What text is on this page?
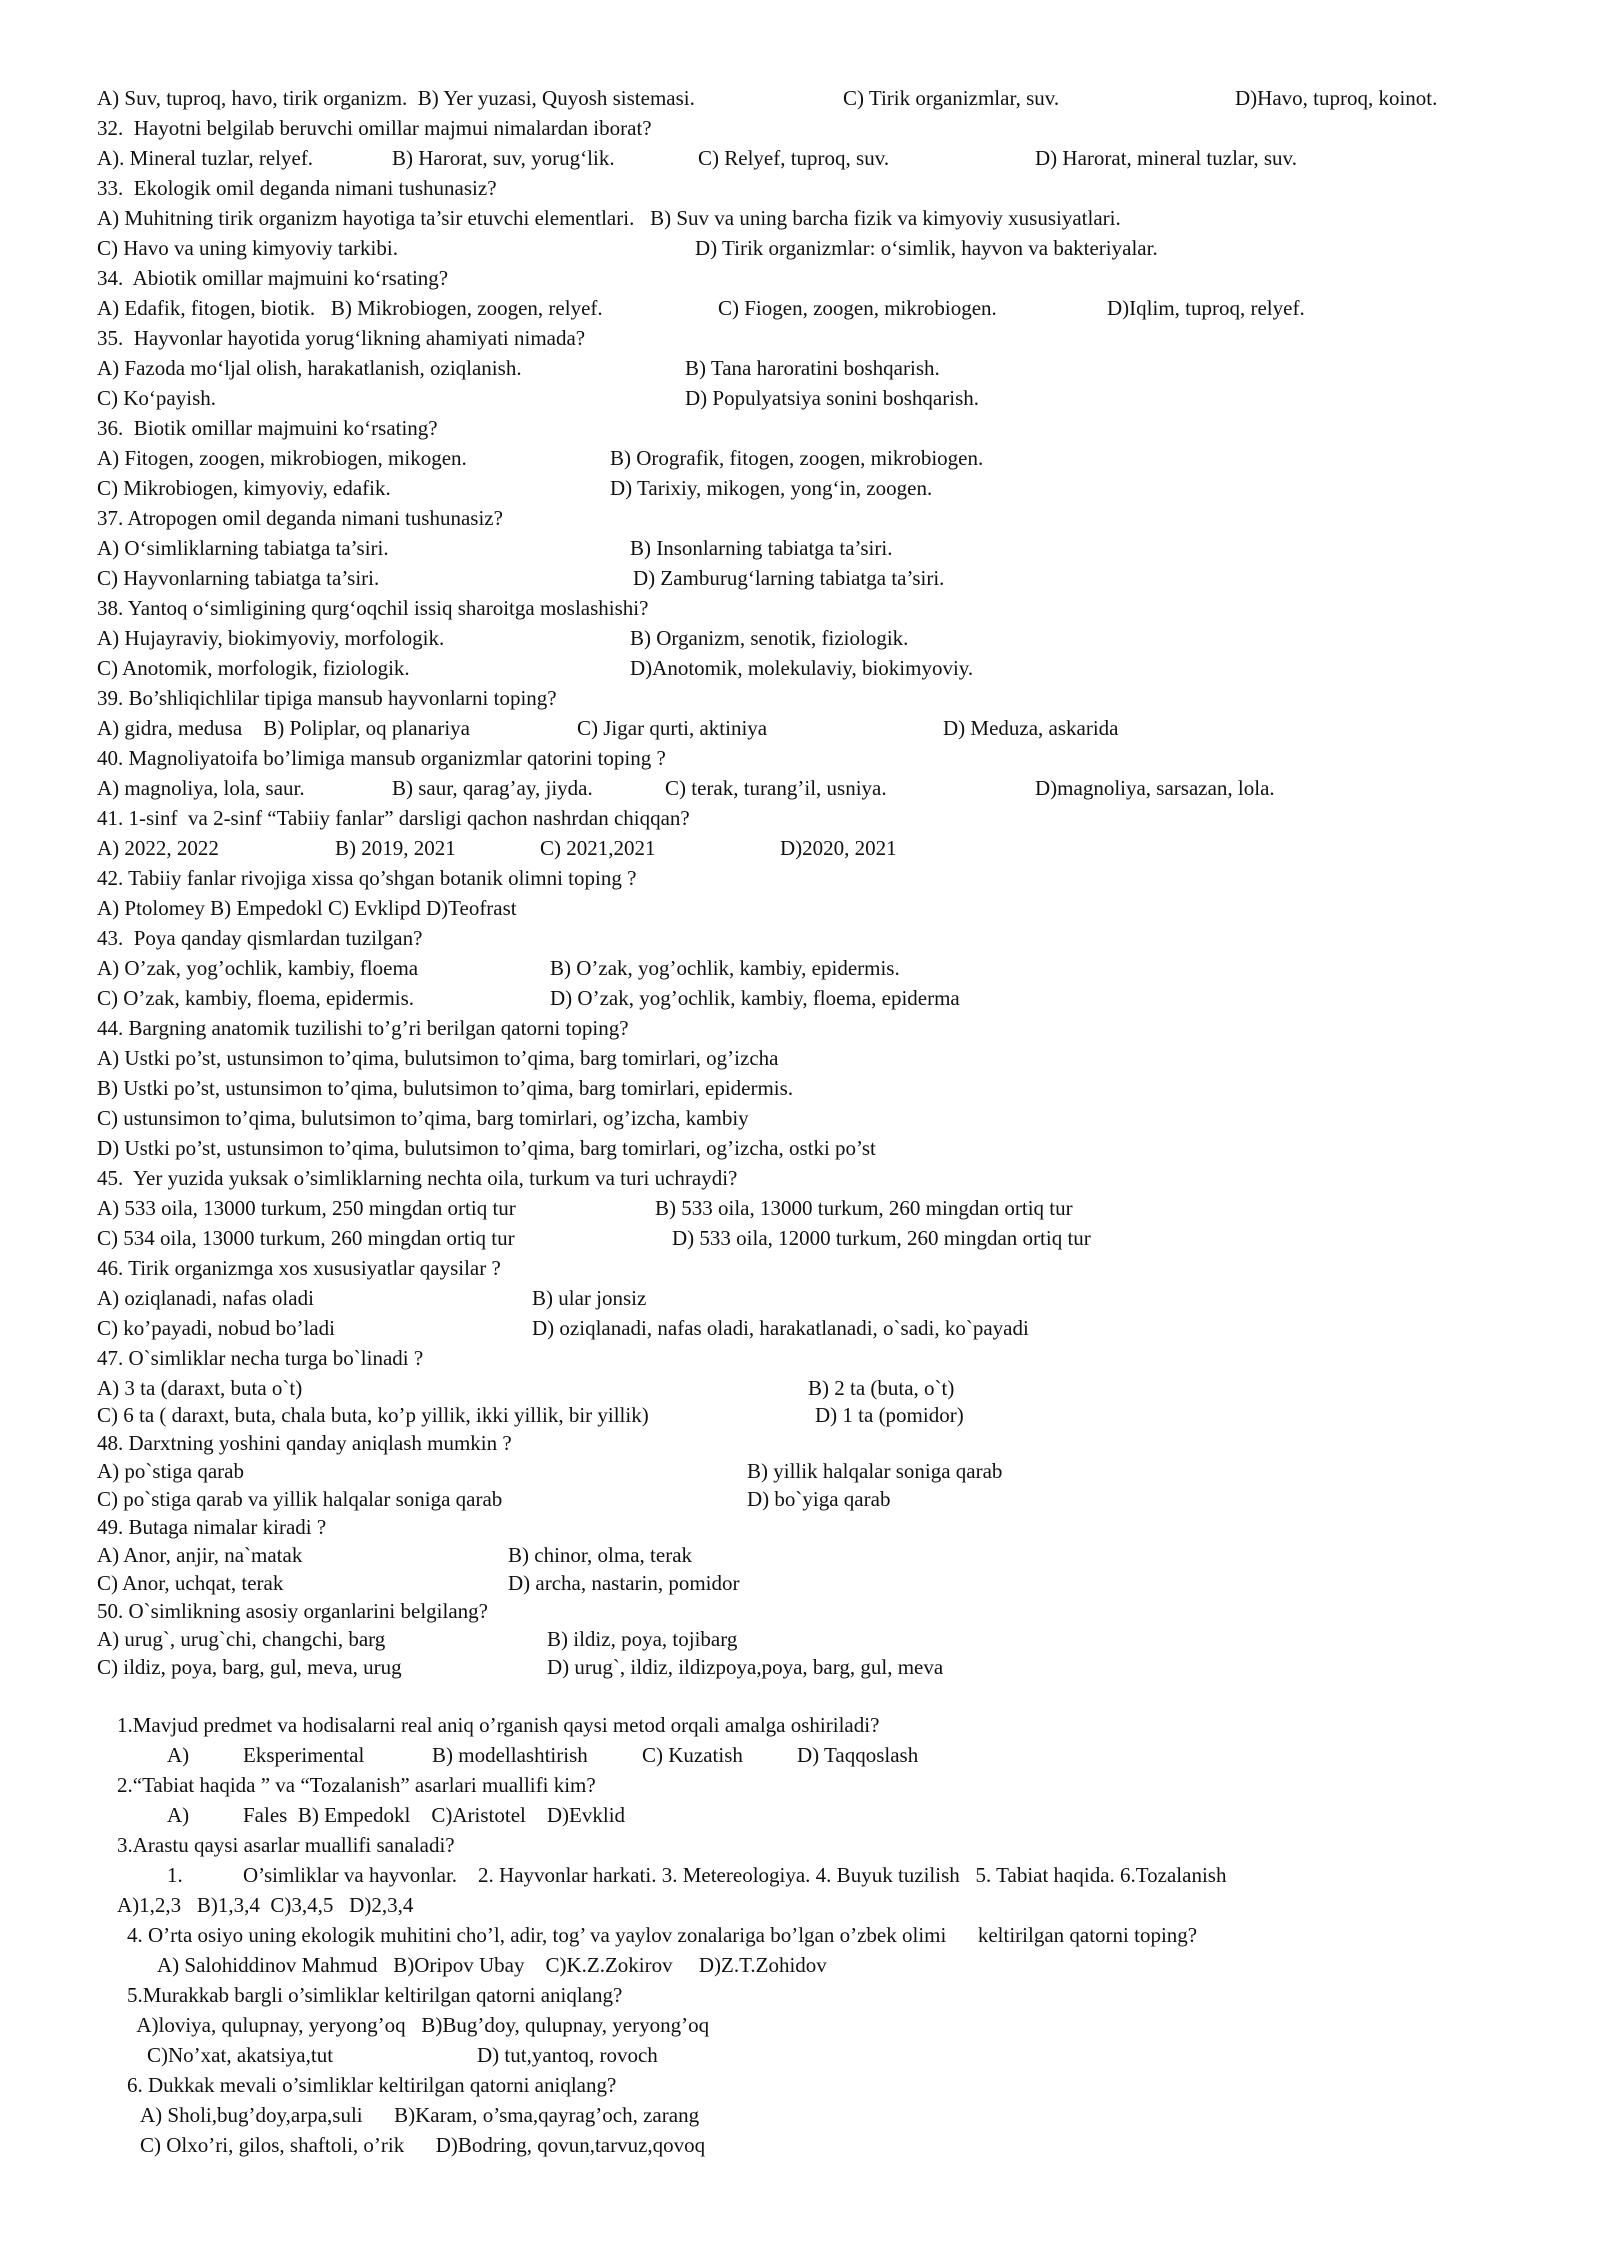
A) Suv, tuproq, havo, tirik organizm.  B) Yer yuzasi, Quyosh sistemasi.	C) Tirik organizmlar, suv.	D)Havo, tuproq, koinot.
32.  Hayotni belgilab beruvchi omillar majmui nimalardan iborat?
A). Mineral tuzlar, relyef.	B) Harorat, suv, yorug‘lik.	C) Relyef, tuproq, suv.	D) Harorat, mineral tuzlar, suv.
33.  Ekologik omil deganda nimani tushunasiz?
A) Muhitning tirik organizm hayotiga ta’sir etuvchi elementlari.   B) Suv va uning barcha fizik va kimyoviy xususiyatlari.
C) Havo va uning kimyoviy tarkibi.	D) Tirik organizmlar: o‘simlik, hayvon va bakteriyalar.
34.  Abiotik omillar majmuini ko‘rsating?
A) Edafik, fitogen, biotik.   B) Mikrobiogen, zoogen, relyef.	C) Fiogen, zoogen, mikrobiogen.	D)Iqlim, tuproq, relyef.
35.  Hayvonlar hayotida yorug‘likning ahamiyati nimada?
A) Fazoda mo‘ljal olish, harakatlanish, oziqlanish.	B) Tana haroratini boshqarish.
C) Ko‘payish.	D) Populyatsiya sonini boshqarish.
36.  Biotik omillar majmuini ko‘rsating?
A) Fitogen, zoogen, mikrobiogen, mikogen.	B) Orografik, fitogen, zoogen, mikrobiogen.
C) Mikrobiogen, kimyoviy, edafik.	D) Tarixiy, mikogen, yong‘in, zoogen.
37. Atropogen omil deganda nimani tushunasiz?
A) O‘simliklarning tabiatga ta’siri.	B) Insonlarning tabiatga ta’siri.
C) Hayvonlarning tabiatga ta’siri.	D) Zamburug‘larning tabiatga ta’siri.
38. Yantoq o‘simligining qurg‘oqchil issiq sharoitga moslashishi?
A) Hujayraviy, biokimyoviy, morfologik.	B) Organizm, senotik, fiziologik.
C) Anotomik, morfologik, fiziologik.	D)Anotomik, molekulaviy, biokimyoviy.
39. Bo’shliqichlilar tipiga mansub hayvonlarni toping?
A) gidra, medusa    B) Poliplar, oq planariya	C) Jigar qurti, aktiniya	D) Meduza, askarida
40. Magnoliyatoifa bo’limiga mansub organizmlar qatorini toping ?
A) magnoliya, lola, saur.	B) saur, qarag’ay, jiyda.	C) terak, turang’il, usniya.	D)magnoliya, sarsazan, lola.
41. 1-sinf  va 2-sinf “Tabiiy fanlar” darsligi qachon nashrdan chiqqan?
A) 2022, 2022	B) 2019, 2021	C) 2021,2021	D)2020, 2021
42. Tabiiy fanlar rivojiga xissa qo’shgan botanik olimni toping ?
A) Ptolomey B) Empedokl C) Evklipd D)Teofrast
43.  Poya qanday qismlardan tuzilgan?
A) O’zak, yog’ochlik, kambiy, floema	B) O’zak, yog’ochlik, kambiy, epidermis.
C) O’zak, kambiy, floema, epidermis.	D) O’zak, yog’ochlik, kambiy, floema, epiderma
44. Bargning anatomik tuzilishi to’g’ri berilgan qatorni toping?
A) Ustki po’st, ustunsimon to’qima, bulutsimon to’qima, barg tomirlari, og’izcha
B) Ustki po’st, ustunsimon to’qima, bulutsimon to’qima, barg tomirlari, epidermis.
C) ustunsimon to’qima, bulutsimon to’qima, barg tomirlari, og’izcha, kambiy
D) Ustki po’st, ustunsimon to’qima, bulutsimon to’qima, barg tomirlari, og’izcha, ostki po’st
45.  Yer yuzida yuksak o’simliklarning nechta oila, turkum va turi uchraydi?
A) 533 oila, 13000 turkum, 250 mingdan ortiq tur	B) 533 oila, 13000 turkum, 260 mingdan ortiq tur
C) 534 oila, 13000 turkum, 260 mingdan ortiq tur	D) 533 oila, 12000 turkum, 260 mingdan ortiq tur
46. Tirik organizmga xos xususiyatlar qaysilar ?
A) oziqlanadi, nafas oladi	B) ular jonsiz
C) ko’payadi, nobud bo’ladi	D) oziqlanadi, nafas oladi, harakatlanadi, o`sadi, ko`payadi
47. O`simliklar necha turga bo`linadi ?
A) 3 ta (daraxt, buta o`t)	B) 2 ta (buta, o`t)
C) 6 ta ( daraxt, buta, chala buta, ko’p yillik, ikki yillik, bir yillik)	D) 1 ta (pomidor)
48. Darxtning yoshini qanday aniqlash mumkin ?
A) po`stiga qarab	B) yillik halqalar soniga qarab
C) po`stiga qarab va yillik halqalar soniga qarab	D) bo`yiga qarab
49. Butaga nimalar kiradi ?
A) Anor, anjir, na`matak	B) chinor, olma, terak
C) Anor, uchqat, terak	D) archa, nastarin, pomidor
50. O`simlikning asosiy organlarini belgilang?
A) urug`, urug`chi, changchi, barg	B) ildiz, poya, tojibarg
C) ildiz, poya, barg, gul, meva, urug	D) urug`, ildiz, ildizpoya,poya, barg, gul, meva
1.Mavjud predmet va hodisalarni real aniq o’rganish qaysi metod orqali amalga oshiriladi?
A)	Eksperimental	B) modellashtirish	C) Kuzatish	D) Taqqoslash
2.“Tabiat haqida ” va “Tozalanish” asarlari muallifi kim?
A)	Fales  B) Empedokl    C)Aristotel    D)Evklid
3.Arastu qaysi asarlar muallifi sanaladi?
1.	O’simliklar va hayvonlar.    2. Hayvonlar harkati. 3. Metereologiya. 4. Buyuk tuzilish   5. Tabiat haqida. 6.Tozalanish
A)1,2,3   B)1,3,4  C)3,4,5   D)2,3,4
4. O’rta osiyo uning ekologik muhitini cho’l, adir, tog’ va yaylov zonalariga bo’lgan o’zbek olimi      keltirilgan qatorni toping?
A) Salohiddinov Mahmud   B)Oripov Ubay    C)K.Z.Zokirov     D)Z.T.Zohidov
5.Murakkab bargli o’simliklar keltirilgan qatorni aniqlang?
A)loviya, qulupnay, yeryong’oq   B)Bug’doy, qulupnay, yeryong’oq
C)No’xat, akatsiya,tut	D) tut,yantoq, rovoch
6. Dukkak mevali o’simliklar keltirilgan qatorni aniqlang?
A) Sholi,bug’doy,arpa,suli      B)Karam, o’sma,qayrag’och, zarang
C) Olxo’ri, gilos, shaftoli, o’rik      D)Bodring, qovun,tarvuz,qovoq
